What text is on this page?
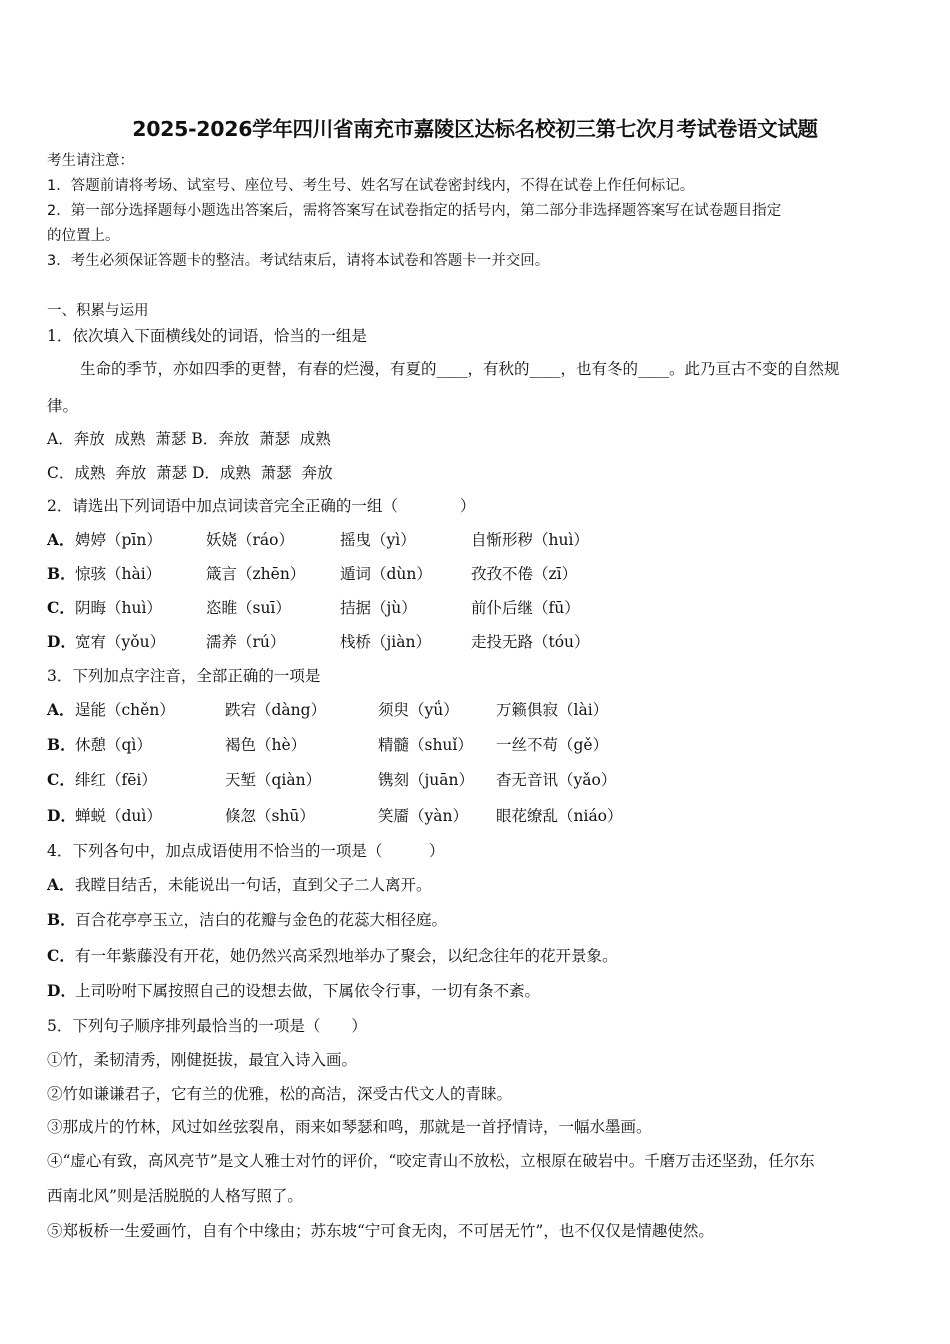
2025-2026学年四川省南充市嘉陵区达标名校初三第七次月考试卷语文试题
考生请注意：
1．答题前请将考场、试室号、座位号、考生号、姓名写在试卷密封线内，不得在试卷上作任何标记。
2．第一部分选择题每小题选出答案后，需将答案写在试卷指定的括号内，第二部分非选择题答案写在试卷题目指定
的位置上。
3．考生必须保证答题卡的整洁。考试结束后，请将本试卷和答题卡一并交回。
一、积累与运用
1．依次填入下面横线处的词语，恰当的一组是
生命的季节，亦如四季的更替，有春的烂漫，有夏的____，有秋的____，也有冬的____。此乃亘古不变的自然规
律。
A．奔放  成熟  萧瑟 B．奔放  萧瑟  成熟
C．成熟  奔放  萧瑟 D．成熟  萧瑟  奔放
2．请选出下列词语中加点词读音完全正确的一组（　　　　）
A． 娉婷（pīn）	妖娆（ráo）	摇曳（yì）	自惭形秽（huì）
B． 惊骇（hài）	箴言（zhēn） 遁词（dùn）	孜孜不倦（zī）
C． 阴晦（huì）	恣睢（suī）	拮据（jù）	前仆后继（fū）
D． 宽宥（yǒu）	濡养（rú）	栈桥（jiàn）	走投无路（tóu）
3．下列加点字注音，全部正确的一项是
A． 逞能（chěn）	跌宕（dàng）	须臾（yǘ） 万籁俱寂（lài）
B． 休憩（qì）	褐色（hè）	精髓（shuǐ） 一丝不苟（gě）
C． 绯红（fēi）	天堑（qiàn）	镌刻（juān） 杳无音讯（yǎo）
D． 蝉蜕（duì）	倏忽（shū）	笑靥（yàn） 眼花缭乱（niáo）
4．下列各句中，加点成语使用不恰当的一项是（　　　）
A． 我瞠目结舌，未能说出一句话，直到父子二人离开。
B． 百合花亭亭玉立，洁白的花瓣与金色的花蕊大相径庭。
C． 有一年紫藤没有开花，她仍然兴高采烈地举办了聚会，以纪念往年的花开景象。
D． 上司吩咐下属按照自己的设想去做，下属依令行事，一切有条不紊。
5．下列句子顺序排列最恰当的一项是（　　）
①竹，柔韧清秀，刚健挺拔，最宜入诗入画。
②竹如谦谦君子，它有兰的优雅，松的高洁，深受古代文人的青睐。
③那成片的竹林，风过如丝弦裂帛，雨来如琴瑟和鸣，那就是一首抒情诗，一幅水墨画。
④“虚心有致，高风亮节”是文人雅士对竹的评价，“咬定青山不放松，立根原在破岩中。千磨万击还坚劲，任尔东
西南北风”则是活脱脱的人格写照了。
⑤郑板桥一生爱画竹，自有个中缘由；苏东坡“宁可食无肉，不可居无竹”，也不仅仅是情趣使然。
